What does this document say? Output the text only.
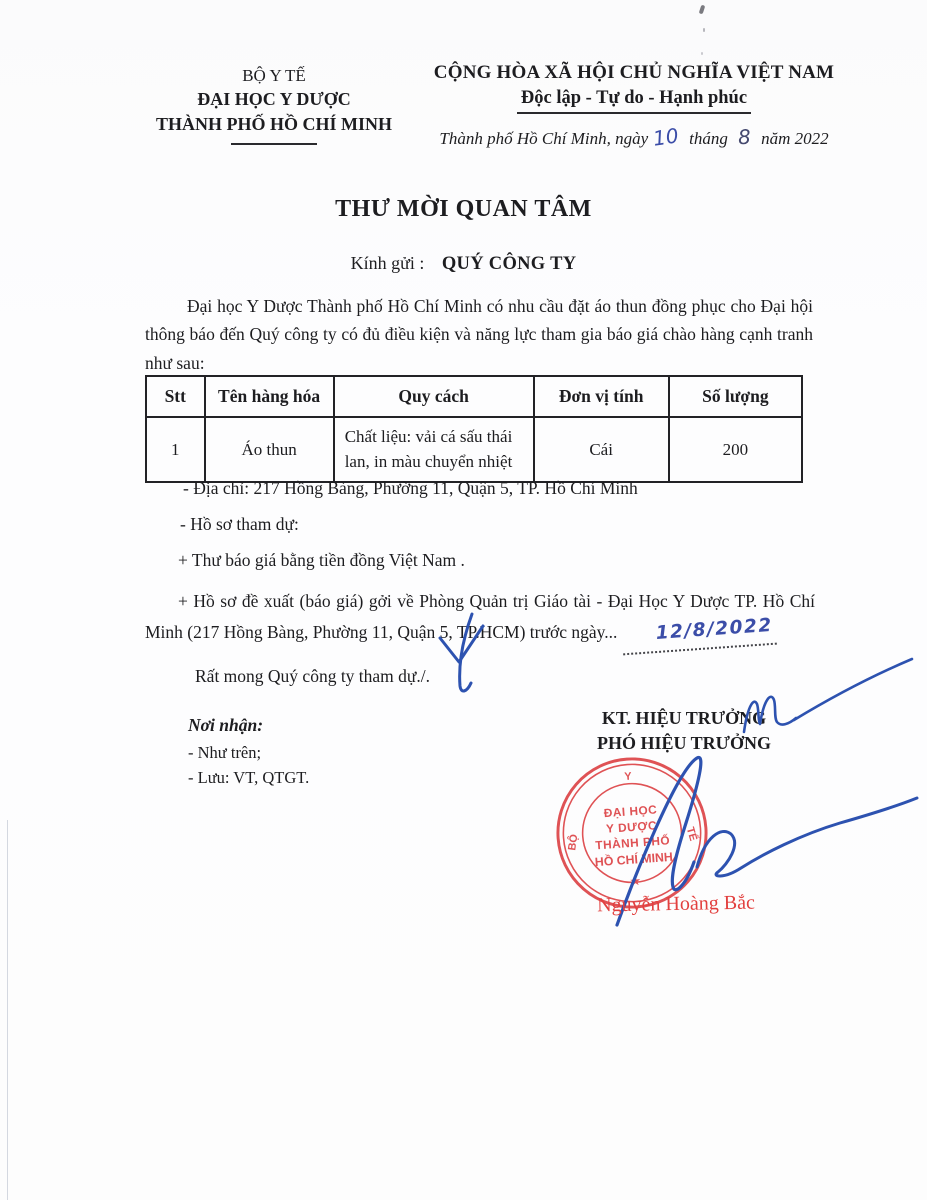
BỘ Y TẾ
ĐẠI HỌC Y DƯỢC
THÀNH PHỐ HỒ CHÍ MINH
CỘNG HÒA XÃ HỘI CHỦ NGHĨA VIỆT NAM
Độc lập - Tự do - Hạnh phúc
Thành phố Hồ Chí Minh, ngày 10 tháng 8 năm 2022
THƯ MỜI QUAN TÂM
Kính gửi : QUÝ CÔNG TY

Đại học Y Dược Thành phố Hồ Chí Minh có nhu cầu đặt áo thun đồng phục cho Đại hội thông báo đến Quý công ty có đủ điều kiện và năng lực tham gia báo giá chào hàng cạnh tranh như sau:

Stt	Tên hàng hóa	Quy cách	Đơn vị tính	Số lượng
1	Áo thun	Chất liệu: vải cá sấu thái lan, in màu chuyển nhiệt	Cái	200
- Địa chỉ: 217 Hồng Bàng, Phường 11, Quận 5, TP. Hồ Chí Minh
- Hồ sơ tham dự:
+ Thư báo giá bằng tiền đồng Việt Nam .
+ Hồ sơ đề xuất (báo giá) gởi về Phòng Quản trị Giáo tài - Đại Học Y Dược TP. Hồ Chí Minh (217 Hồng Bàng, Phường 11, Quận 5, TP.HCM) trước ngày... 12/8/2022
Rất mong Quý công ty tham dự./.
Nơi nhận:
- Như trên;
- Lưu: VT, QTGT.
KT. HIỆU TRƯỞNG
PHÓ HIỆU TRƯỞNG
Y
BỘ	TẾ
ĐẠI HỌC
Y DƯỢC
THÀNH PHỐ
HỒ CHÍ MINH
★
Nguyễn Hoàng Bắc
